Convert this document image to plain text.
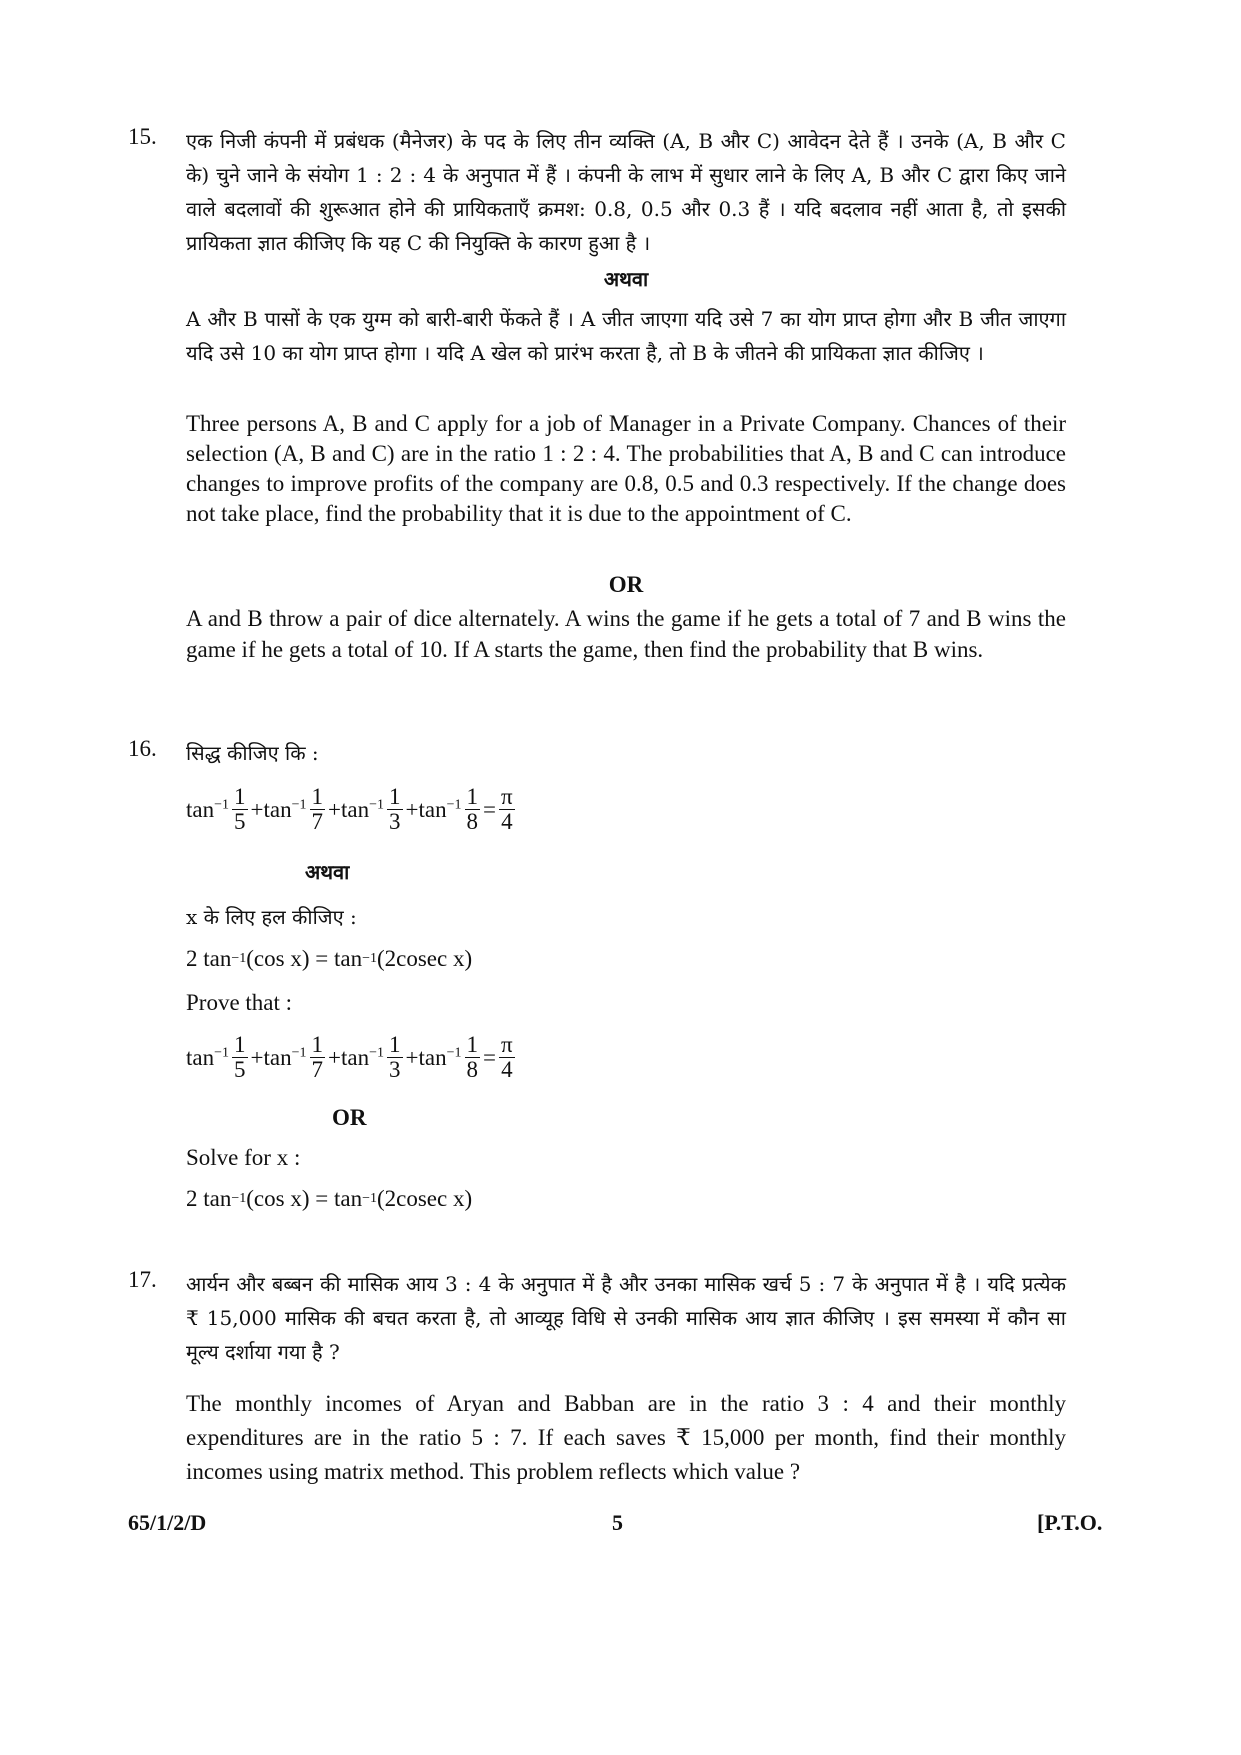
15. एक निजी कंपनी में प्रबंधक (मैनेजर) के पद के लिए तीन व्यक्ति (A, B और C) आवेदन देते हैं । उनके (A, B और C के) चुने जाने के संयोग 1 : 2 : 4 के अनुपात में हैं । कंपनी के लाभ में सुधार लाने के लिए A, B और C द्वारा किए जाने वाले बदलावों की शुरूआत होने की प्रायिकताएँ क्रमश: 0.8, 0.5 और 0.3 हैं । यदि बदलाव नहीं आता है, तो इसकी प्रायिकता ज्ञात कीजिए कि यह C की नियुक्ति के कारण हुआ है ।
अथवा
A और B पासों के एक युग्म को बारी-बारी फेंकते हैं । A जीत जाएगा यदि उसे 7 का योग प्राप्त होगा और B जीत जाएगा यदि उसे 10 का योग प्राप्त होगा । यदि A खेल को प्रारंभ करता है, तो B के जीतने की प्रायिकता ज्ञात कीजिए ।
Three persons A, B and C apply for a job of Manager in a Private Company. Chances of their selection (A, B and C) are in the ratio 1 : 2 : 4. The probabilities that A, B and C can introduce changes to improve profits of the company are 0.8, 0.5 and 0.3 respectively. If the change does not take place, find the probability that it is due to the appointment of C.
OR
A and B throw a pair of dice alternately. A wins the game if he gets a total of 7 and B wins the game if he gets a total of 10. If A starts the game, then find the probability that B wins.
16. सिद्ध कीजिए कि :
$\tan^{-1} \frac{1}{5} + \tan^{-1} \frac{1}{7} + \tan^{-1} \frac{1}{3} + \tan^{-1} \frac{1}{8} = \frac{\pi}{4}$
अथवा
x के लिए हल कीजिए :
2 tan −1 (cos x) = tan −1 (2cosec x)
Prove that :
$\tan^{-1} \frac{1}{5} + \tan^{-1} \frac{1}{7} + \tan^{-1} \frac{1}{3} + \tan^{-1} \frac{1}{8} = \frac{\pi}{4}$
OR
Solve for x :
2 tan −1 (cos x) = tan −1 (2cosec x)
17. आर्यन और बब्बन की मासिक आय 3 : 4 के अनुपात में है और उनका मासिक खर्च 5 : 7 के अनुपात में है । यदि प्रत्येक ₹ 15,000 मासिक की बचत करता है, तो आव्यूह विधि से उनकी मासिक आय ज्ञात कीजिए । इस समस्या में कौन सा मूल्य दर्शाया गया है ?
The monthly incomes of Aryan and Babban are in the ratio 3 : 4 and their monthly expenditures are in the ratio 5 : 7. If each saves ₹ 15,000 per month, find their monthly incomes using matrix method. This problem reflects which value ?
65/1/2/D	5	[P.T.O.
